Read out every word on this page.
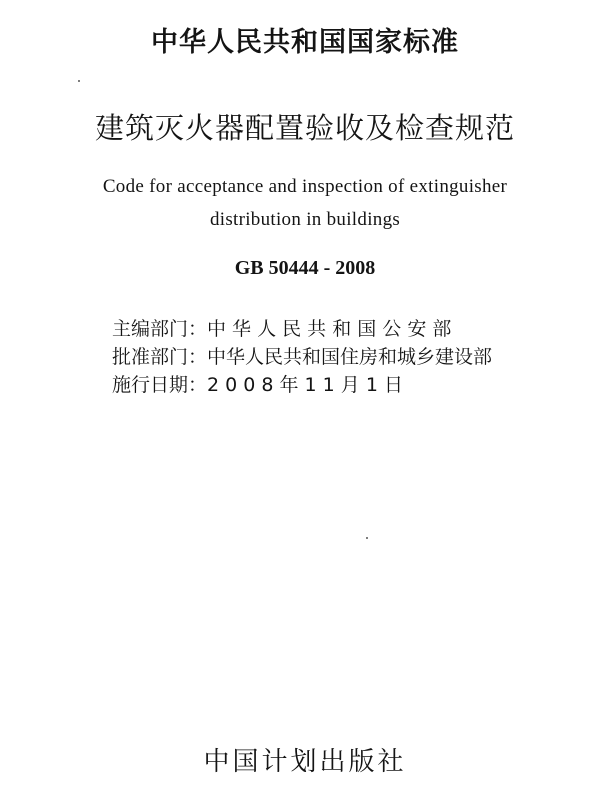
中华人民共和国国家标准
建筑灭火器配置验收及检查规范
Code for acceptance and inspection of extinguisher
distribution in buildings
GB 50444 - 2008
主编部门：中 华 人 民 共 和 国 公 安 部
批准部门：中华人民共和国住房和城乡建设部
施行日期：2 0 0 8 年 1 1 月 1 日
中国计划出版社
